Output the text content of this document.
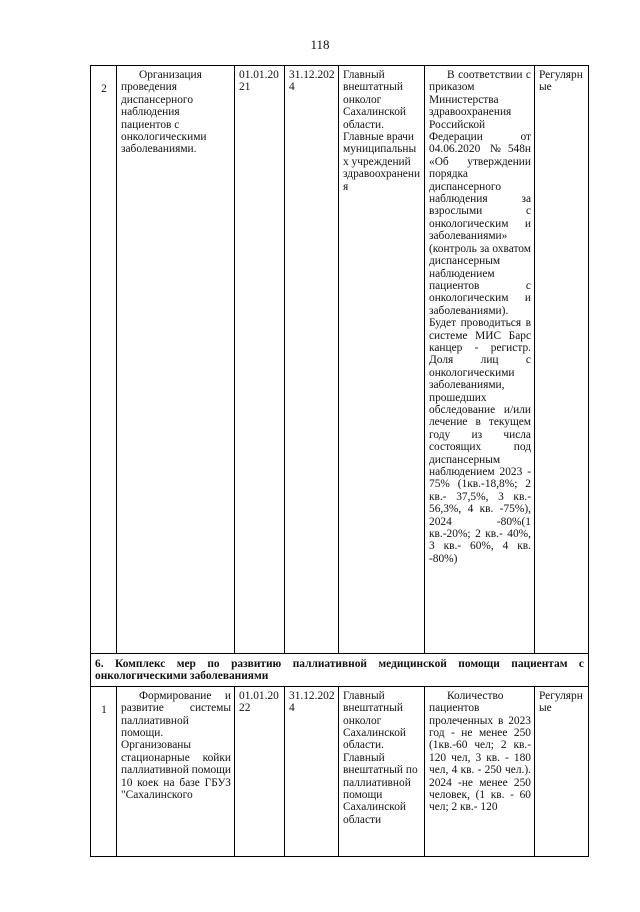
118
2	Организация проведения диспансерного наблюдения пациентов с онкологическими заболеваниями.	01.01.2021	31.12.2024	Главный внештатный онколог Сахалинской области. Главные врачи муниципальных учреждений здравоохранения	В соответствии с приказом Министерства здравоохранения Российской Федерации от 04.06.2020 №548н «Об утверждении порядка диспансерного наблюдения за взрослыми с онкологическим и заболеваниями» (контроль за охватом диспансерным наблюдением пациентов с онкологическим и заболеваниями). Будет проводиться в системе МИС Барс канцер - регистр. Доля лиц с онкологическими заболеваниями, прошедших обследование и/или лечение в текущем году из числа состоящих под диспансерным наблюдением 2023 - 75% (1кв.-18,8%; 2 кв.- 37,5%, 3 кв.- 56,3%, 4 кв. -75%), 2024 -80%(1 кв.-20%; 2 кв.- 40%, 3 кв.- 60%, 4 кв. -80%)	Регулярные
6. Комплекс мер по развитию паллиативной медицинской помощи пациентам с онкологическими заболеваниями						
1	Формирование и развитие системы паллиативной помощи. Организованы стационарные койки паллиативной помощи 10 коек на базе ГБУЗ "Сахалинского	01.01.2022	31.12.2024	Главный внештатный онколог Сахалинской области. Главный внештатный по паллиативной помощи Сахалинской области	Количество пациентов пролеченных в 2023 год - не менее 250 (1кв.-60 чел; 2 кв.- 120 чел, 3 кв. - 180 чел, 4 кв. - 250 чел.). 2024 -не менее 250 человек, (1 кв. - 60 чел; 2 кв.- 120	Регулярные
